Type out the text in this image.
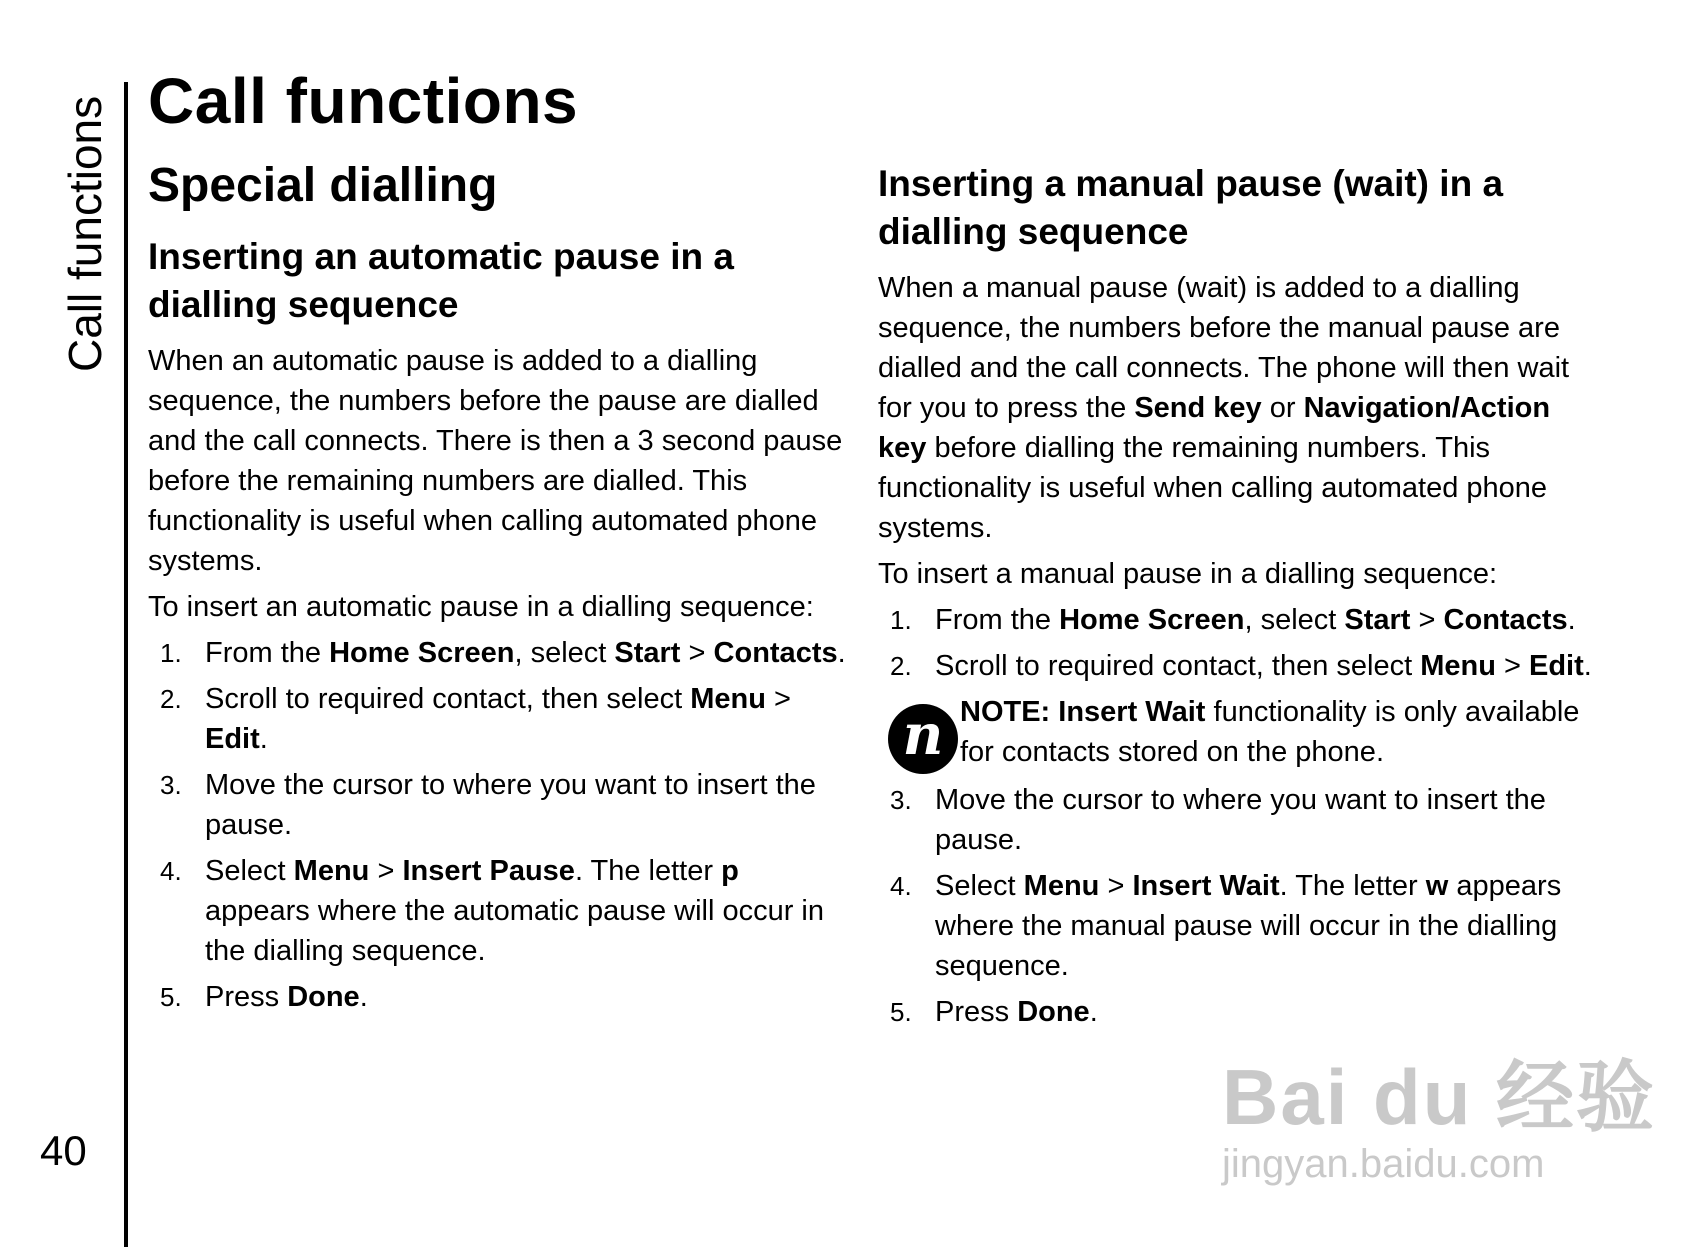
Call functions
40
Call functions
Special dialling
Inserting an automatic pause in a dialling sequence

When an automatic pause is added to a dialling sequence, the numbers before the pause are dialled and the call connects. There is then a 3 second pause before the remaining numbers are dialled. This functionality is useful when calling automated phone systems.

To insert an automatic pause in a dialling sequence:

1. From the Home Screen, select Start > Contacts.
2. Scroll to required contact, then select Menu > Edit.
3. Move the cursor to where you want to insert the pause.
4. Select Menu > Insert Pause. The letter p appears where the automatic pause will occur in the dialling sequence.
5. Press Done.
Inserting a manual pause (wait) in a dialling sequence

When a manual pause (wait) is added to a dialling sequence, the numbers before the manual pause are dialled and the call connects. The phone will then wait for you to press the Send key or Navigation/Action key before dialling the remaining numbers. This functionality is useful when calling automated phone systems.

To insert a manual pause in a dialling sequence:

1. From the Home Screen, select Start > Contacts.
2. Scroll to required contact, then select Menu > Edit.
n NOTE: Insert Wait functionality is only available for contacts stored on the phone.
3. Move the cursor to where you want to insert the pause.
4. Select Menu > Insert Wait. The letter w appears where the manual pause will occur in the dialling sequence.
5. Press Done.
Bai du 经验
jingyan.baidu.com
